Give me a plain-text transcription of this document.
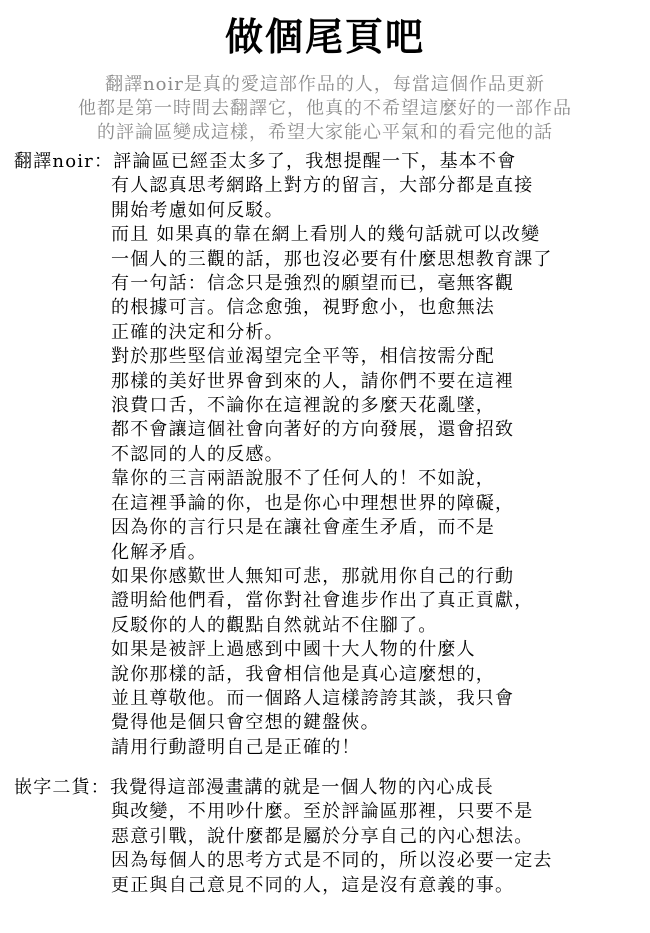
做個尾頁吧
翻譯noir是真的愛這部作品的人，每當這個作品更新
他都是第一時間去翻譯它，他真的不希望這麼好的一部作品
的評論區變成這樣，希望大家能心平氣和的看完他的話
翻譯noir：評論區已經歪太多了，我想提醒一下，基本不會
有人認真思考網路上對方的留言，大部分都是直接
開始考慮如何反駁。
而且 如果真的靠在網上看別人的幾句話就可以改變
一個人的三觀的話，那也沒必要有什麼思想教育課了
有一句話：信念只是強烈的願望而已，毫無客觀
的根據可言。信念愈強，視野愈小，也愈無法
正確的決定和分析。
對於那些堅信並渴望完全平等，相信按需分配
那樣的美好世界會到來的人，請你們不要在這裡
浪費口舌，不論你在這裡說的多麼天花亂墜，
都不會讓這個社會向著好的方向發展，還會招致
不認同的人的反感。
靠你的三言兩語說服不了任何人的！不如說，
在這裡爭論的你，也是你心中理想世界的障礙，
因為你的言行只是在讓社會產生矛盾，而不是
化解矛盾。
如果你感歎世人無知可悲，那就用你自己的行動
證明給他們看，當你對社會進步作出了真正貢獻，
反駁你的人的觀點自然就站不住腳了。
如果是被評上過感到中國十大人物的什麼人
說你那樣的話，我會相信他是真心這麼想的，
並且尊敬他。而一個路人這樣誇誇其談，我只會
覺得他是個只會空想的鍵盤俠。
請用行動證明自己是正確的！
嵌字二貨：我覺得這部漫畫講的就是一個人物的內心成長
與改變，不用吵什麼。至於評論區那裡，只要不是
惡意引戰，說什麼都是屬於分享自己的內心想法。
因為每個人的思考方式是不同的，所以沒必要一定去
更正與自己意見不同的人，這是沒有意義的事。
